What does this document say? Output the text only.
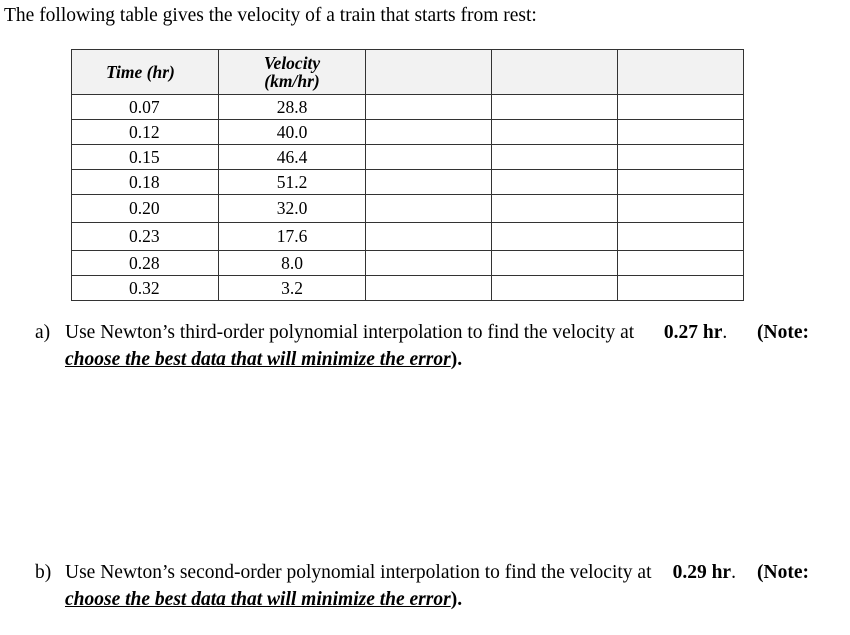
The following table gives the velocity of a train that starts from rest:
Time (hr)	Velocity
(km/hr)			
0.07	28.8			
0.12	40.0			
0.15	46.4			
0.18	51.2			
0.20	32.0			
0.23	17.6			
0.28	8.0			
0.32	3.2			
a) Use Newton’s third-order polynomial interpolation to find the velocity at 0.27 hr. (Note:
choose the best data that will minimize the error).
b) Use Newton’s second-order polynomial interpolation to find the velocity at 0.29 hr. (Note:
choose the best data that will minimize the error).
